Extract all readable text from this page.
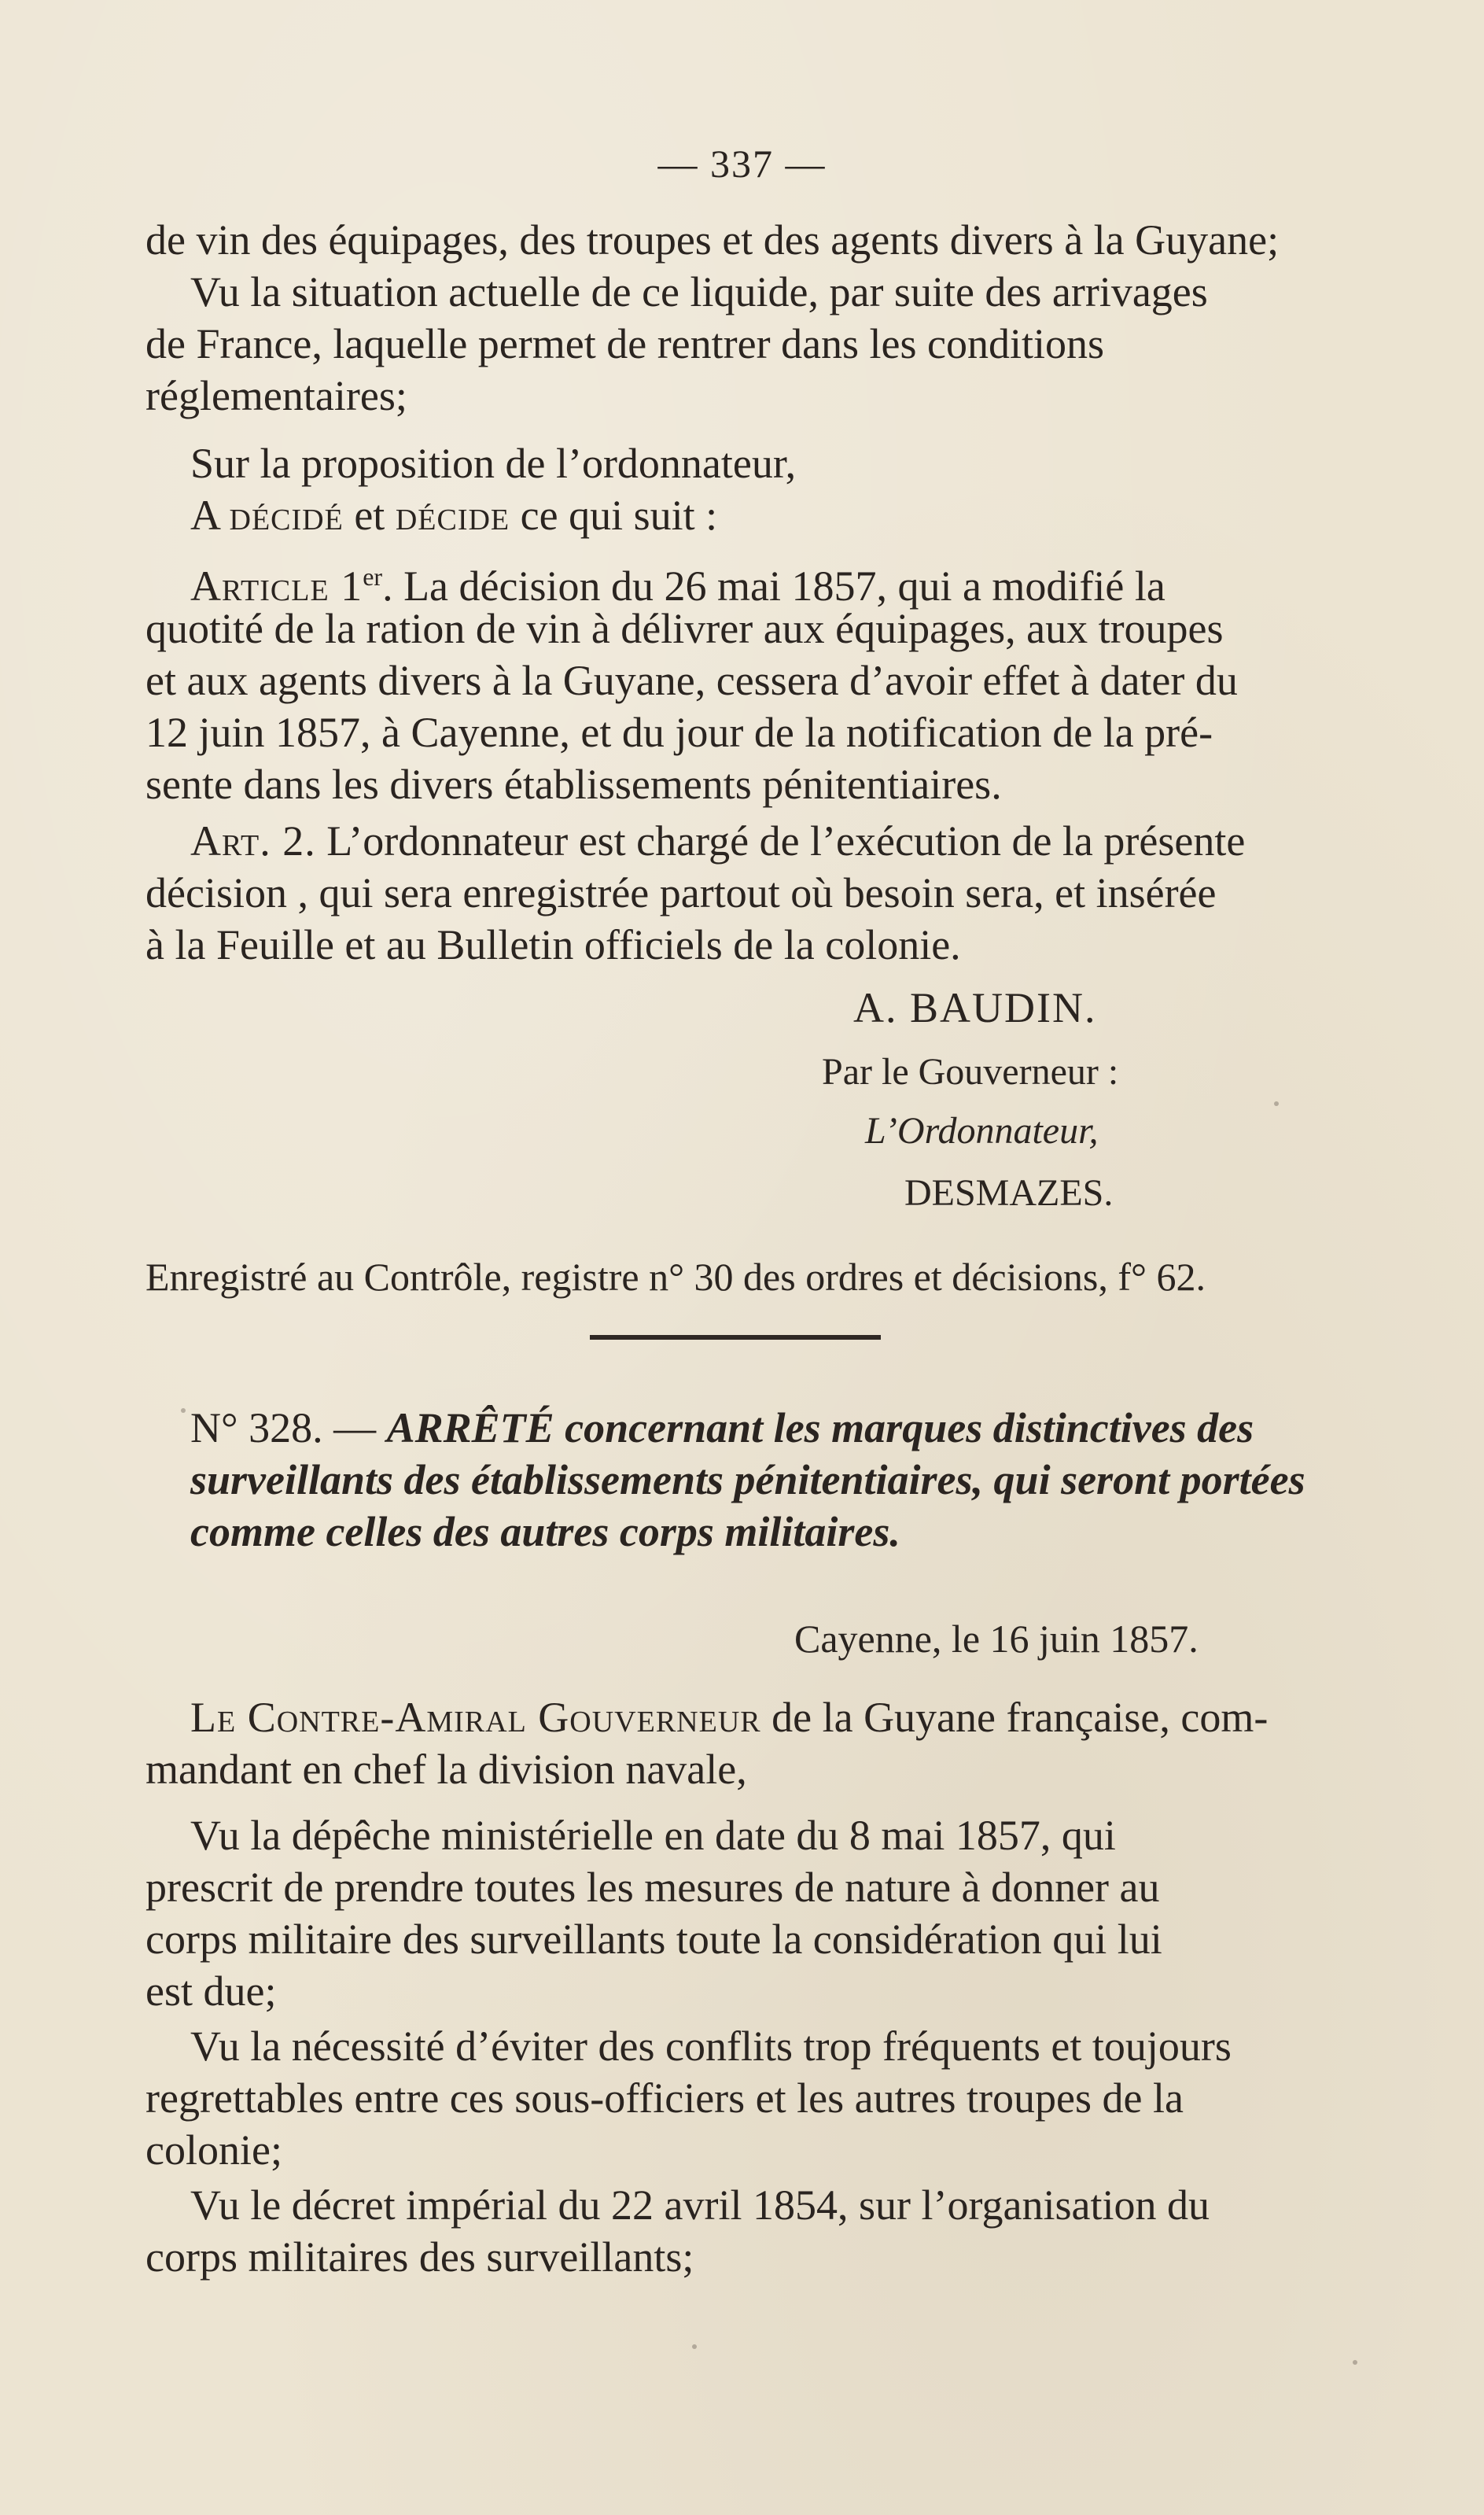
— 337 —
de vin des équipages, des troupes et des agents divers à la Guyane;
Vu la situation actuelle de ce liquide, par suite des arrivages
de France, laquelle permet de rentrer dans les conditions
réglementaires;
Sur la proposition de l’ordonnateur,
A décidé et décide ce qui suit :
Article 1er. La décision du 26 mai 1857, qui a modifié la
quotité de la ration de vin à délivrer aux équipages, aux troupes
et aux agents divers à la Guyane, cessera d’avoir effet à dater du
12 juin 1857, à Cayenne, et du jour de la notification de la pré-
sente dans les divers établissements pénitentiaires.
Art. 2. L’ordonnateur est chargé de l’exécution de la présente
décision , qui sera enregistrée partout où besoin sera, et insérée
à la Feuille et au Bulletin officiels de la colonie.
A. BAUDIN.
Par le Gouverneur :
L’Ordonnateur,
DESMAZES.
Enregistré au Contrôle, registre n° 30 des ordres et décisions, f° 62.
N° 328. — ARRÊTÉ concernant les marques distinctives des
surveillants des établissements pénitentiaires, qui seront portées
comme celles des autres corps militaires.
Cayenne, le 16 juin 1857.
Le Contre-Amiral Gouverneur de la Guyane française, com-
mandant en chef la division navale,
Vu la dépêche ministérielle en date du 8 mai 1857, qui
prescrit de prendre toutes les mesures de nature à donner au
corps militaire des surveillants toute la considération qui lui
est due;
Vu la nécessité d’éviter des conflits trop fréquents et toujours
regrettables entre ces sous-officiers et les autres troupes de la
colonie;
Vu le décret impérial du 22 avril 1854, sur l’organisation du
corps militaires des surveillants;
